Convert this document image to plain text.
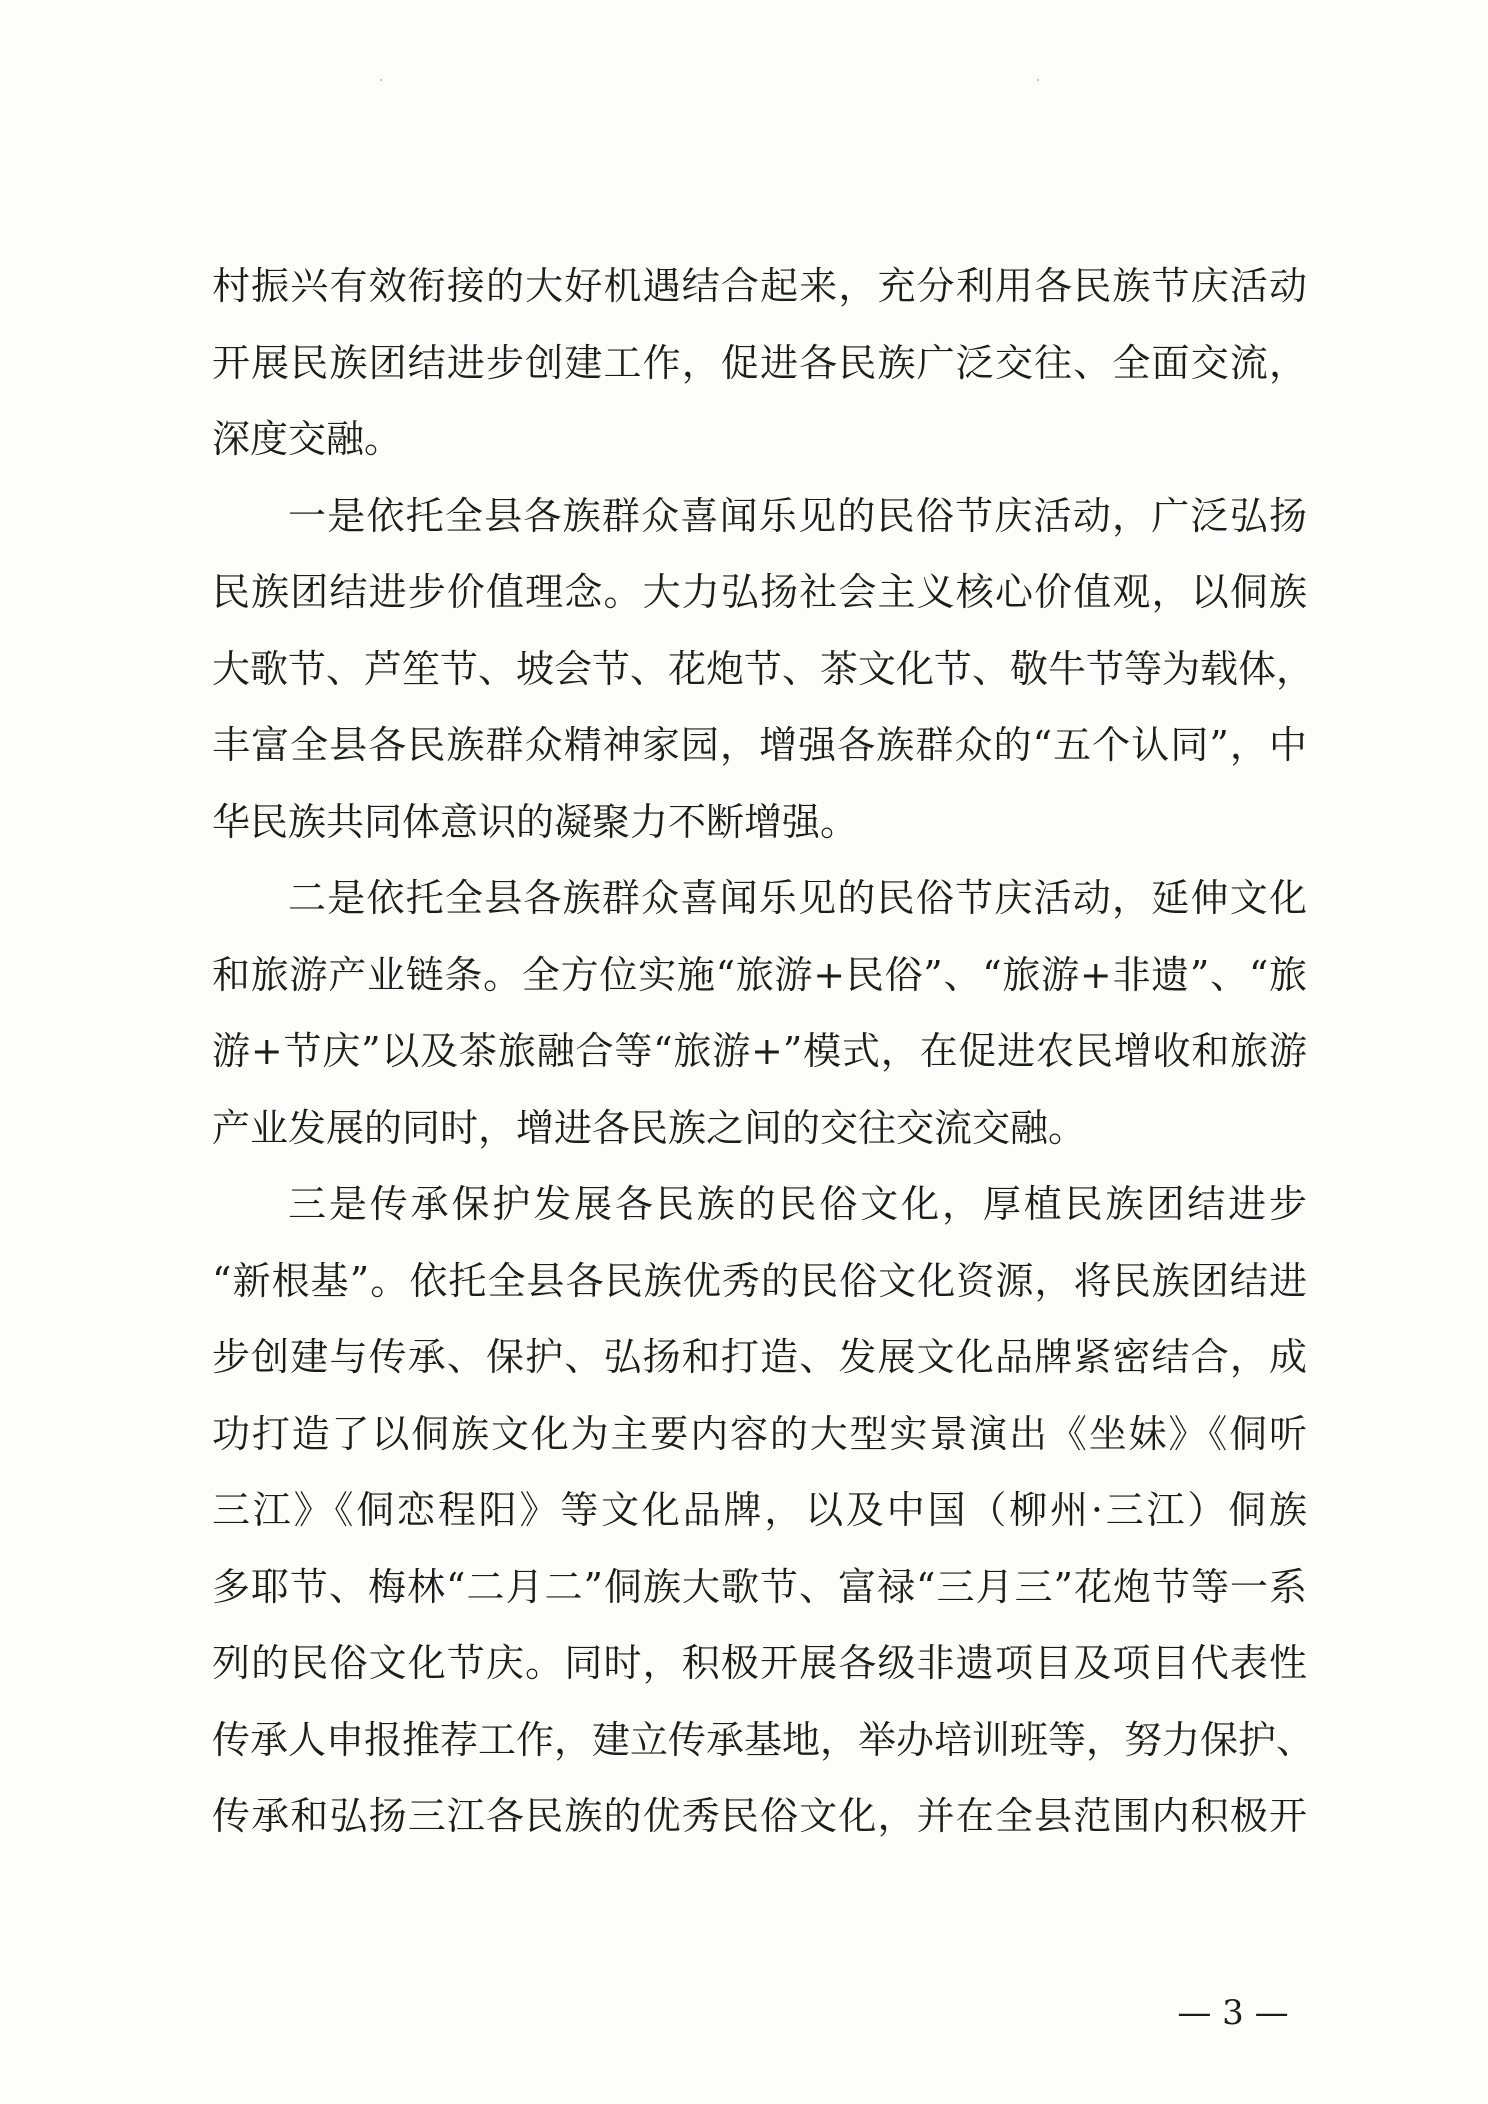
村振兴有效衔接的大好机遇结合起来，充分利用各民族节庆活动
开展民族团结进步创建工作，促进各民族广泛交往、全面交流，
深度交融。
一是依托全县各族群众喜闻乐见的民俗节庆活动，广泛弘扬
民族团结进步价值理念。大力弘扬社会主义核心价值观，以侗族
大歌节、芦笙节、坡会节、花炮节、茶文化节、敬牛节等为载体，
丰富全县各民族群众精神家园，增强各族群众的“五个认同”，中
华民族共同体意识的凝聚力不断增强。
二是依托全县各族群众喜闻乐见的民俗节庆活动，延伸文化
和旅游产业链条。全方位实施“旅游+民俗”、“旅游+非遗”、“旅
游+节庆”以及茶旅融合等“旅游+”模式，在促进农民增收和旅游
产业发展的同时，增进各民族之间的交往交流交融。
三是传承保护发展各民族的民俗文化，厚植民族团结进步
“新根基”。依托全县各民族优秀的民俗文化资源，将民族团结进
步创建与传承、保护、弘扬和打造、发展文化品牌紧密结合，成
功打造了以侗族文化为主要内容的大型实景演出《坐妹》《侗听
三江》《侗恋程阳》等文化品牌，以及中国（柳州·三江）侗族
多耶节、梅林“二月二”侗族大歌节、富禄“三月三”花炮节等一系
列的民俗文化节庆。同时，积极开展各级非遗项目及项目代表性
传承人申报推荐工作，建立传承基地，举办培训班等，努力保护、
传承和弘扬三江各民族的优秀民俗文化，并在全县范围内积极开
— 3 —
